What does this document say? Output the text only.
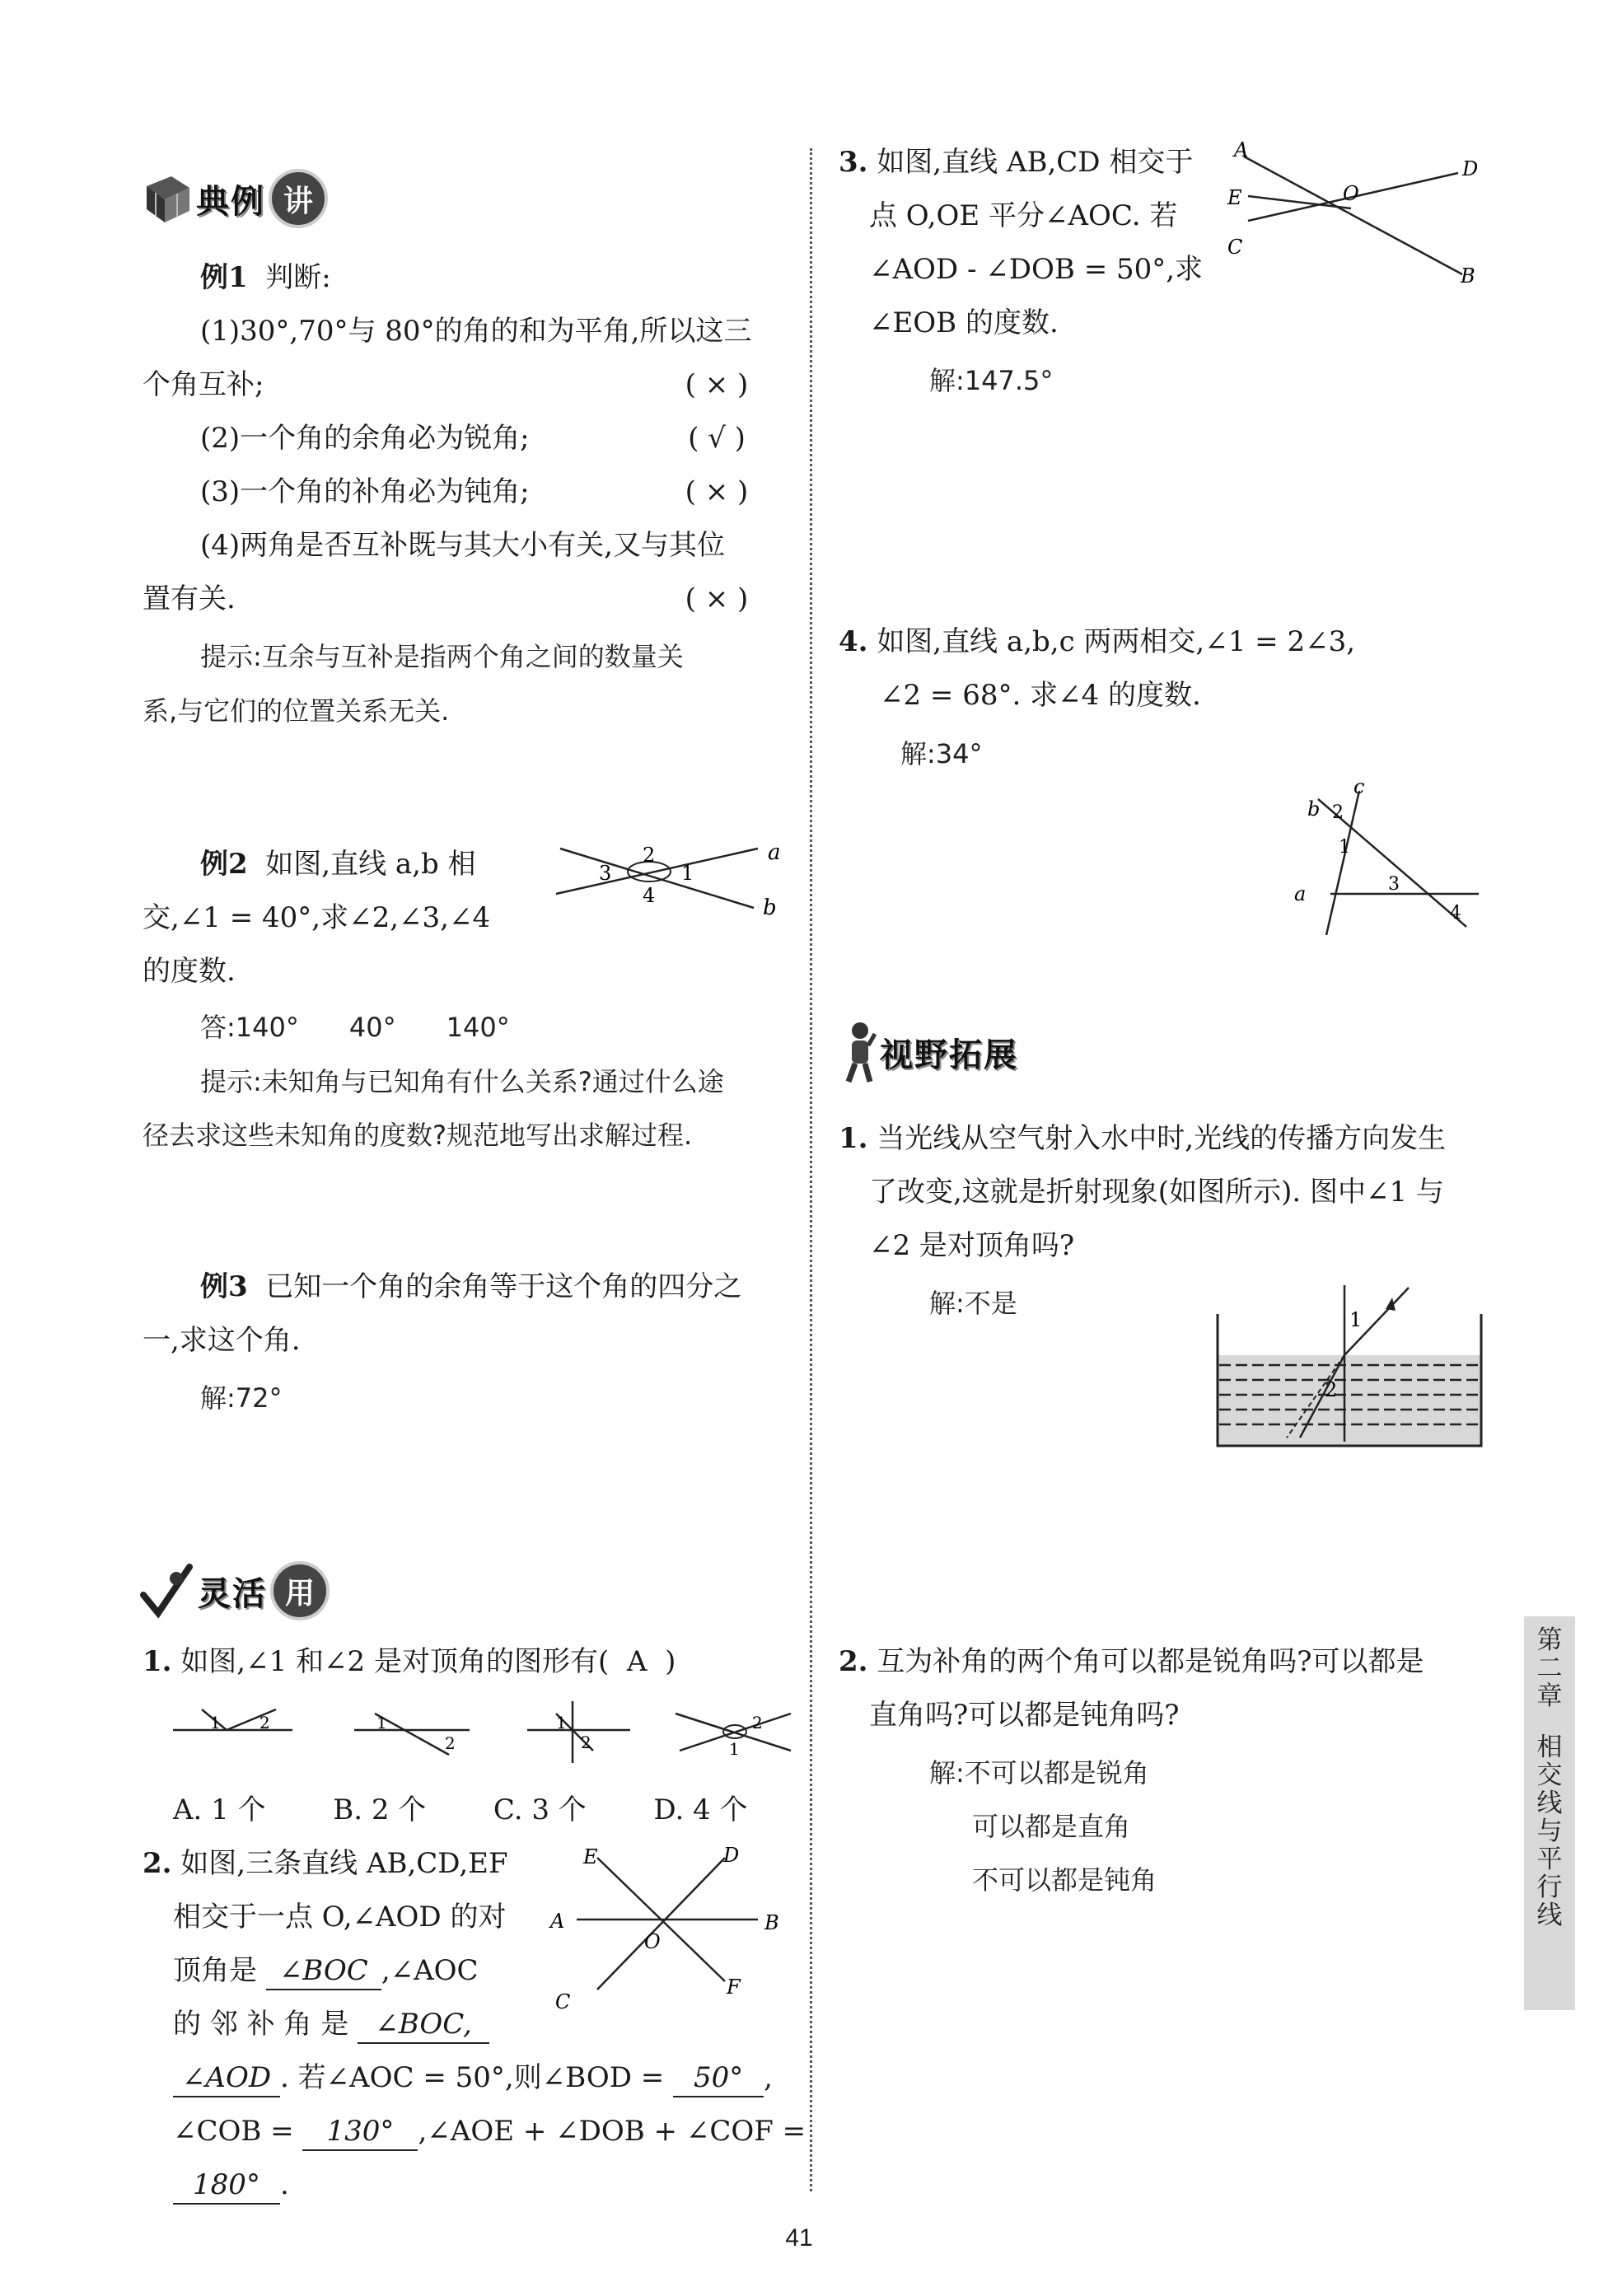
典例 讲
例1 判断:
(1)30°,70°与 80°的角的和为平角,所以这三
个角互补;	( × )
(2)一个角的余角必为锐角;	( √ )
(3)一个角的补角必为钝角;	( × )
(4)两角是否互补既与其大小有关,又与其位
置有关.	( × )
提示:互余与互补是指两个角之间的数量关
系,与它们的位置关系无关.
例2 如图,直线 a,b 相
交,∠1 = 40°,求∠2,∠3,∠4
的度数.
a
b
1
2
3
4
答:140°      40°      140°
提示:未知角与已知角有什么关系?通过什么途
径去求这些未知角的度数?规范地写出求解过程.
例3 已知一个角的余角等于这个角的四分之
一,求这个角.
解:72°
灵活 用
1. 如图,∠1 和∠2 是对顶角的图形有( A )
1 2	1
2
1
2
2
1
A. 1 个 B. 2 个 C. 3 个 D. 4 个
2. 如图,三条直线 AB,CD,EF
相交于一点 O,∠AOD 的对
顶角是 ∠BOC ,∠AOC
的 邻 补 角 是 ∠BOC,
∠AOD . 若∠AOC = 50°,则∠BOD = 50° ,
∠COB = 130° ,∠AOE + ∠DOB + ∠COF =
180° .
E	D
A	B
O
C
F
3. 如图,直线 AB,CD 相交于
点 O,OE 平分∠AOC. 若
∠AOD - ∠DOB = 50°,求
∠EOB 的度数.
解:147.5°
A
D
E	O
C
B
4. 如图,直线 a,b,c 两两相交,∠1 = 2∠3,
∠2 = 68°. 求∠4 的度数.
解:34°
c
b
a
2
1
3
4
视野拓展
1. 当光线从空气射入水中时,光线的传播方向发生
了改变,这就是折射现象(如图所示). 图中∠1 与
∠2 是对顶角吗?
解:不是
1
2
2. 互为补角的两个角可以都是锐角吗?可以都是
直角吗?可以都是钝角吗?
解:不可以都是锐角
可以都是直角
不可以都是钝角
第
二
章
相
交
线
与
平
行
线
41
